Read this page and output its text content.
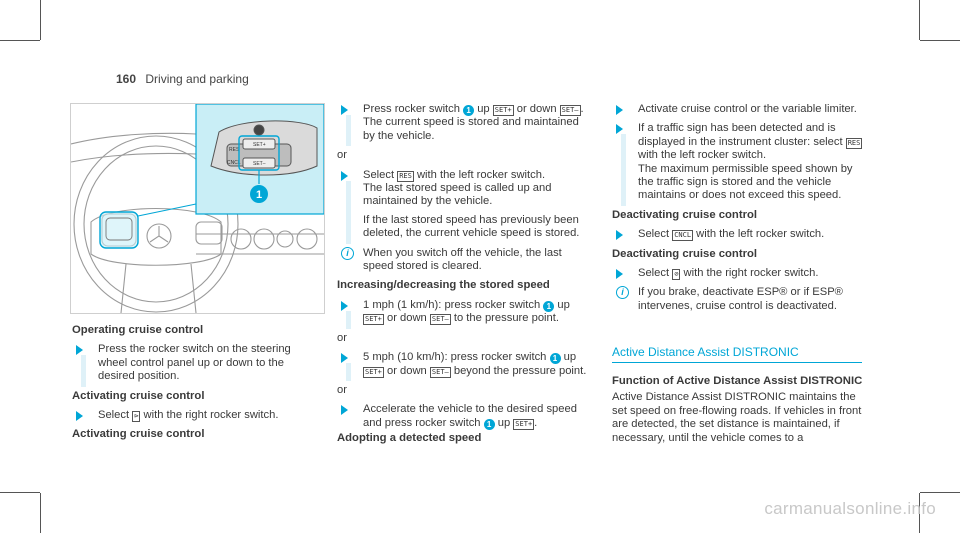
160 Driving and parking
RES
SET+
SET–
CNCL
1
Operating cruise control
Press the rocker switch on the steering wheel control panel up or down to the desired position.
Activating cruise control
Select ⊳ with the right rocker switch.
Activating cruise control
Press rocker switch 1 up SET+ or down SET– .
The current speed is stored and maintained by the vehicle.
or
Select RES with the left rocker switch.
The last stored speed is called up and maintained by the vehicle.
If the last stored speed has previously been deleted, the current vehicle speed is stored.
i	When you switch off the vehicle, the last speed stored is cleared.
Increasing/decreasing the stored speed
1 mph (1 km/h): press rocker switch 1 up SET+ or down SET– to the pressure point.
or
5 mph (10 km/h): press rocker switch 1 up SET+ or down SET– beyond the pressure point.
or
Accelerate the vehicle to the desired speed and press rocker switch 1 up SET+ .
Adopting a detected speed
Activate cruise control or the variable limiter.
If a traffic sign has been detected and is displayed in the instrument cluster: select RES with the left rocker switch.
The maximum permissible speed shown by the traffic sign is stored and the vehicle maintains or does not exceed this speed.
Deactivating cruise control
Select CNCL with the left rocker switch.
Deactivating cruise control
Select ⊘ with the right rocker switch.
i	If you brake, deactivate ESP® or if ESP® intervenes, cruise control is deactivated.
Active Distance Assist DISTRONIC
Function of Active Distance Assist DISTRONIC
Active Distance Assist DISTRONIC maintains the set speed on free-flowing roads. If vehicles in front are detected, the set distance is maintained, if necessary, until the vehicle comes to a
carmanualsonline.info
